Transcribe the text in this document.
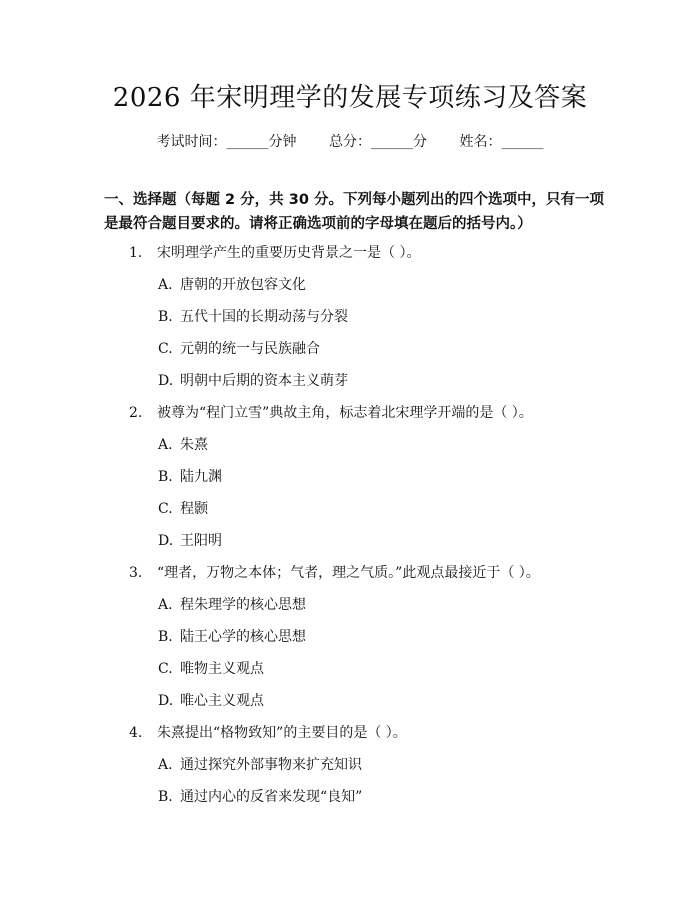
2026 年宋明理学的发展专项练习及答案
考试时间：______分钟 总分：______分 姓名：______
一、选择题（每题 2 分，共 30 分。下列每小题列出的四个选项中，只有一项是最符合题目要求的。请将正确选项前的字母填在题后的括号内。）
1. 宋明理学产生的重要历史背景之一是（ ）。
A. 唐朝的开放包容文化
B. 五代十国的长期动荡与分裂
C. 元朝的统一与民族融合
D. 明朝中后期的资本主义萌芽
2. 被尊为“程门立雪”典故主角，标志着北宋理学开端的是（ ）。
A. 朱熹
B. 陆九渊
C. 程颢
D. 王阳明
3. “理者，万物之本体；气者，理之气质。”此观点最接近于（ ）。
A. 程朱理学的核心思想
B. 陆王心学的核心思想
C. 唯物主义观点
D. 唯心主义观点
4. 朱熹提出“格物致知”的主要目的是（ ）。
A. 通过探究外部事物来扩充知识
B. 通过内心的反省来发现“良知”
